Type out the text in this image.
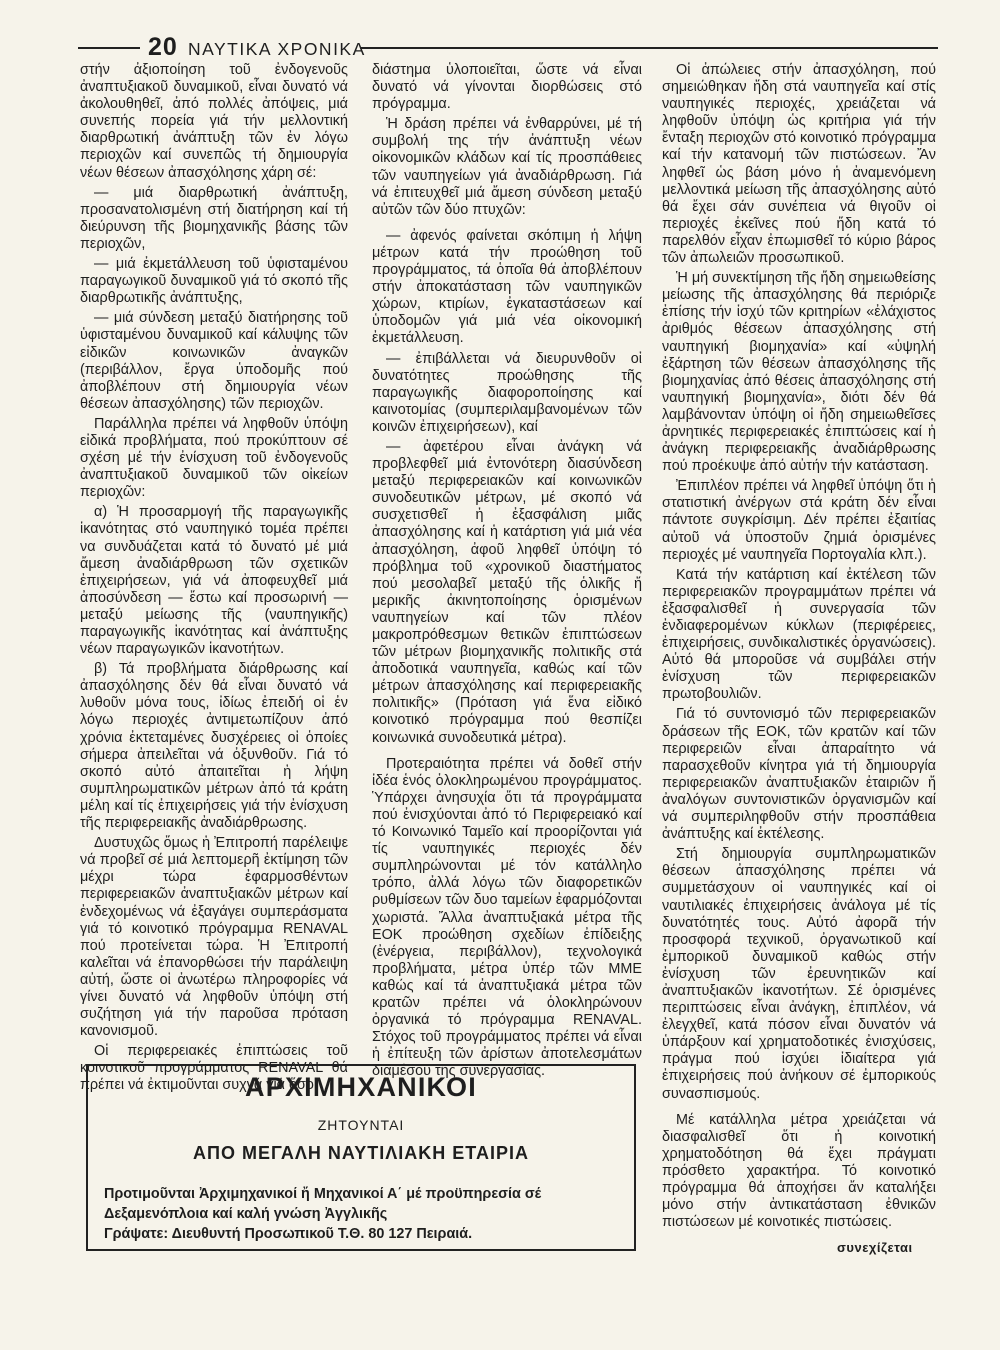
20 ΝΑΥΤΙΚΑ ΧΡΟΝΙΚΑ

στήν ἀξιοποίηση τοῦ ἐνδογενοῦς ἀναπτυξιακοῦ δυναμικοῦ, εἶναι δυνατό νά ἀκολουθηθεῖ, ἀπό πολλές ἀπόψεις, μιά συνεπής πορεία γιά τήν μελλοντική διαρθρωτική ἀνάπτυξη τῶν ἐν λόγω περιοχῶν καί συνεπῶς τή δημιουργία νέων θέσεων ἀπασχόλησης χάρη σέ:

— μιά διαρθρωτική ἀνάπτυξη, προσανατολισμένη στή διατήρηση καί τή διεύρυνση τῆς βιομηχανικῆς βάσης τῶν περιοχῶν,

— μιά ἐκμετάλλευση τοῦ ὑφισταμένου παραγωγικοῦ δυναμικοῦ γιά τό σκοπό τῆς διαρθρωτικῆς ἀνάπτυξης,

— μιά σύνδεση μεταξύ διατήρησης τοῦ ὑφισταμένου δυναμικοῦ καί κάλυψης τῶν εἰδικῶν κοινωνικῶν ἀναγκῶν (περιβάλλον, ἔργα ὑποδομῆς πού ἀποβλέπουν στή δημιουργία νέων θέσεων ἀπασχόλησης) τῶν περιοχῶν.

Παράλληλα πρέπει νά ληφθοῦν ὑπόψη εἰδικά προβλήματα, πού προκύπτουν σέ σχέση μέ τήν ἐνίσχυση τοῦ ἐνδογενοῦς ἀναπτυξιακοῦ δυναμικοῦ τῶν οἰκείων περιοχῶν:

α) Ἡ προσαρμογή τῆς παραγωγικῆς ἱκανότητας στό ναυπηγικό τομέα πρέπει να συνδυάζεται κατά τό δυνατό μέ μιά ἄμεση ἀναδιάρθρωση τῶν σχετικῶν ἐπιχειρήσεων, γιά νά ἀποφευχθεῖ μιά ἀποσύνδεση — ἔστω καί προσωρινή — μεταξύ μείωσης τῆς (ναυπηγικῆς) παραγωγικῆς ἱκανότητας καί ἀνάπτυξης νέων παραγωγικῶν ἱκανοτήτων.

β) Τά προβλήματα διάρθρωσης καί ἀπασχόλησης δέν θά εἶναι δυνατό νά λυθοῦν μόνα τους, ἰδίως ἐπειδή οἱ ἐν λόγω περιοχές ἀντιμετωπίζουν ἀπό χρόνια ἐκτεταμένες δυσχέρειες οἱ ὁποίες σήμερα ἀπειλεῖται νά ὀξυνθοῦν. Γιά τό σκοπό αὐτό ἀπαιτεῖται ἡ λήψη συμπληρωματικῶν μέτρων ἀπό τά κράτη μέλη καί τίς ἐπιχειρήσεις γιά τήν ἐνίσχυση τῆς περιφερειακῆς ἀναδιάρθρωσης.

Δυστυχῶς ὅμως ἡ Ἐπιτροπή παρέλειψε νά προβεῖ σέ μιά λεπτομερῆ ἐκτίμηση τῶν μέχρι τώρα ἐφαρμοσθέντων περιφερειακῶν ἀναπτυξιακῶν μέτρων καί ἐνδεχομένως νά ἐξαγάγει συμπεράσματα γιά τό κοινοτικό πρόγραμμα RENAVAL πού προτείνεται τώρα. Ἡ Ἐπιτροπή καλεῖται νά ἐπανορθώσει τήν παράλειψη αὐτή, ὥστε οἱ ἀνωτέρω πληροφορίες νά γίνει δυνατό νά ληφθοῦν ὑπόψη στή συζήτηση γιά τήν παροῦσα πρόταση κανονισμοῦ.

Οἱ περιφερειακές ἐπιπτώσεις τοῦ κοινοτικοῦ προγράμματος RENAVAL θά πρέπει νά ἐκτιμοῦνται συχνά γιά ὅσο

διάστημα ὑλοποιεῖται, ὥστε νά εἶναι δυνατό νά γίνονται διορθώσεις στό πρόγραμμα.

Ἡ δράση πρέπει νά ἐνθαρρύνει, μέ τή συμβολή της τήν ἀνάπτυξη νέων οἰκονομικῶν κλάδων καί τίς προσπάθειες τῶν ναυπηγείων γιά ἀναδιάρθρωση. Γιά νά ἐπιτευχθεῖ μιά ἄμεση σύνδεση μεταξύ αὐτῶν τῶν δύο πτυχῶν:

— ἀφενός φαίνεται σκόπιμη ἡ λήψη μέτρων κατά τήν προώθηση τοῦ προγράμματος, τά ὁποῖα θά ἀποβλέπουν στήν ἀποκατάσταση τῶν ναυπηγικῶν χώρων, κτιρίων, ἐγκαταστάσεων καί ὑποδομῶν γιά μιά νέα οἰκονομική ἐκμετάλλευση.

— ἐπιβάλλεται νά διευρυνθοῦν οἱ δυνατότητες προώθησης τῆς παραγωγικῆς διαφοροποίησης καί καινοτομίας (συμπεριλαμβανομένων τῶν κοινῶν ἐπιχειρήσεων), καί

— ἀφετέρου εἶναι ἀνάγκη νά προβλεφθεῖ μιά ἐντονότερη διασύνδεση μεταξύ περιφερειακῶν καί κοινωνικῶν συνοδευτικῶν μέτρων, μέ σκοπό νά συσχετισθεῖ ἡ ἐξασφάλιση μιᾶς ἀπασχόλησης καί ἡ κατάρτιση γιά μιά νέα ἀπασχόληση, ἀφοῦ ληφθεῖ ὑπόψη τό πρόβλημα τοῦ «χρονικοῦ διαστήματος πού μεσολαβεῖ μεταξύ τῆς ὁλικῆς ἤ μερικῆς ἀκινητοποίησης ὁρισμένων ναυπηγείων καί τῶν πλέον μακροπρόθεσμων θετικῶν ἐπιπτώσεων τῶν μέτρων βιομηχανικῆς πολιτικῆς στά ἀποδοτικά ναυπηγεῖα, καθώς καί τῶν μέτρων ἀπασχόλησης καί περιφερειακῆς πολιτικῆς» (Πρόταση γιά ἕνα εἰδικό κοινοτικό πρόγραμμα πού θεσπίζει κοινωνικά συνοδευτικά μέτρα).

Προτεραιότητα πρέπει νά δοθεῖ στήν ἰδέα ἑνός ὁλοκληρωμένου προγράμματος. Ὑπάρχει ἀνησυχία ὅτι τά προγράμματα πού ἐνισχύονται ἀπό τό Περιφερειακό καί τό Κοινωνικό Ταμεῖο καί προορίζονται γιά τίς ναυπηγικές περιοχές δέν συμπληρώνονται μέ τόν κατάλληλο τρόπο, ἀλλά λόγω τῶν διαφορετικῶν ρυθμίσεων τῶν δυο ταμείων ἐφαρμόζονται χωριστά. Ἄλλα ἀναπτυξιακά μέτρα τῆς ΕΟΚ προώθηση σχεδίων ἐπίδειξης (ἐνέργεια, περιβάλλον), τεχνολογικά προβλήματα, μέτρα ὑπέρ τῶν ΜΜΕ καθώς καί τά ἀναπτυξιακά μέτρα τῶν κρατῶν πρέπει νά ὁλοκληρώνουν ὀργανικά τό πρόγραμμα RENAVAL. Στόχος τοῦ προγράμματος πρέπει νά εἶναι ἡ ἐπίτευξη τῶν ἀρίστων ἀποτελεσμάτων διαμέσου τῆς συνεργασίας.

Οἱ ἀπώλειες στήν ἀπασχόληση, πού σημειώθηκαν ἤδη στά ναυπηγεῖα καί στίς ναυπηγικές περιοχές, χρειάζεται νά ληφθοῦν ὑπόψη ὡς κριτήρια γιά τήν ἔνταξη περιοχῶν στό κοινοτικό πρόγραμμα καί τήν κατανομή τῶν πιστώσεων. Ἄν ληφθεῖ ὡς βάση μόνο ἡ ἀναμενόμενη μελλοντικά μείωση τῆς ἀπασχόλησης αὐτό θά ἔχει σάν συνέπεια νά θιγοῦν οἱ περιοχές ἐκεῖνες πού ἤδη κατά τό παρελθόν εἶχαν ἐπωμισθεῖ τό κύριο βάρος τῶν ἀπωλειῶν προσωπικοῦ.

Ἡ μή συνεκτίμηση τῆς ἤδη σημειωθείσης μείωσης τῆς ἀπασχόλησης θά περιόριζε ἐπίσης τήν ἰσχύ τῶν κριτηρίων «ἐλάχιστος ἀριθμός θέσεων ἀπασχόλησης στή ναυπηγική βιομηχανία» καί «ὑψηλή ἐξάρτηση τῶν θέσεων ἀπασχόλησης τῆς βιομηχανίας ἀπό θέσεις ἀπασχόλησης στή ναυπηγική βιομηχανία», διότι δέν θά λαμβάνονταν ὑπόψη οἱ ἤδη σημειωθεῖσες ἀρνητικές περιφερειακές ἐπιπτώσεις καί ἡ ἀνάγκη περιφερειακῆς ἀναδιάρθρωσης πού προέκυψε ἀπό αὐτήν τήν κατάσταση.

Ἐπιπλέον πρέπει νά ληφθεῖ ὑπόψη ὅτι ἡ στατιστική ἀνέργων στά κράτη δέν εἶναι πάντοτε συγκρίσιμη. Δέν πρέπει ἐξαιτίας αὐτοῦ νά ὑποστοῦν ζημιά ὁρισμένες περιοχές μέ ναυπηγεῖα Πορτογαλία κλπ.).

Κατά τήν κατάρτιση καί ἐκτέλεση τῶν περιφερειακῶν προγραμμάτων πρέπει νά ἐξασφαλισθεῖ ἡ συνεργασία τῶν ἐνδιαφερομένων κύκλων (περιφέρειες, ἐπιχειρήσεις, συνδικαλιστικές ὀργανώσεις). Αὐτό θά μποροῦσε νά συμβάλει στήν ἐνίσχυση τῶν περιφερειακῶν πρωτοβουλιῶν.

Γιά τό συντονισμό τῶν περιφερειακῶν δράσεων τῆς ΕΟΚ, τῶν κρατῶν καί τῶν περιφερειῶν εἶναι ἀπαραίτητο νά παρασχεθοῦν κίνητρα γιά τή δημιουργία περιφερειακῶν ἀναπτυξιακῶν ἑταιριῶν ἤ ἀναλόγων συντονιστικῶν ὀργανισμῶν καί νά συμπεριληφθοῦν στήν προσπάθεια ἀνάπτυξης καί ἐκτέλεσης.

Στή δημιουργία συμπληρωματικῶν θέσεων ἀπασχόλησης πρέπει νά συμμετάσχουν οἱ ναυπηγικές καί οἱ ναυτιλιακές ἐπιχειρήσεις ἀνάλογα μέ τίς δυνατότητές τους. Αὐτό ἀφορᾶ τήν προσφορά τεχνικοῦ, ὀργανωτικοῦ καί ἐμπορικοῦ δυναμικοῦ καθώς στήν ἐνίσχυση τῶν ἐρευνητικῶν καί ἀναπτυξιακῶν ἱκανοτήτων. Σέ ὁρισμένες περιπτώσεις εἶναι ἀνάγκη, ἐπιπλέον, νά ἐλεγχθεῖ, κατά πόσον εἶναι δυνατόν νά ὑπάρξουν καί χρηματοδοτικές ἐνισχύσεις, πράγμα πού ἰσχύει ἰδιαίτερα γιά ἐπιχειρήσεις πού ἀνήκουν σέ ἐμπορικούς συνασπισμούς.

Μέ κατάλληλα μέτρα χρειάζεται νά διασφαλισθεῖ ὅτι ἡ κοινοτική χρηματοδότηση θά ἔχει πράγματι πρόσθετο χαρακτήρα. Τό κοινοτικό πρόγραμμα θά ἀποχήσει ἄν καταλήξει μόνο στήν ἀντικατάσταση ἐθνικῶν πιστώσεων μέ κοινοτικές πιστώσεις.

συνεχίζεται
ΑΡΧΙΜΗΧΑΝΙΚΟΙ
ΖΗΤΟΥΝΤΑΙ
ΑΠΟ ΜΕΓΑΛΗ ΝΑΥΤΙΛΙΑΚΗ ΕΤΑΙΡΙΑ
Προτιμοῦνται Ἀρχιμηχανικοί ἤ Μηχανικοί Α΄ μέ προϋπηρεσία σέ Δεξαμενόπλοια καί καλή γνώση Ἀγγλικῆς
Γράψατε: Διευθυντή Προσωπικοῦ Τ.Θ. 80 127 Πειραιά.
